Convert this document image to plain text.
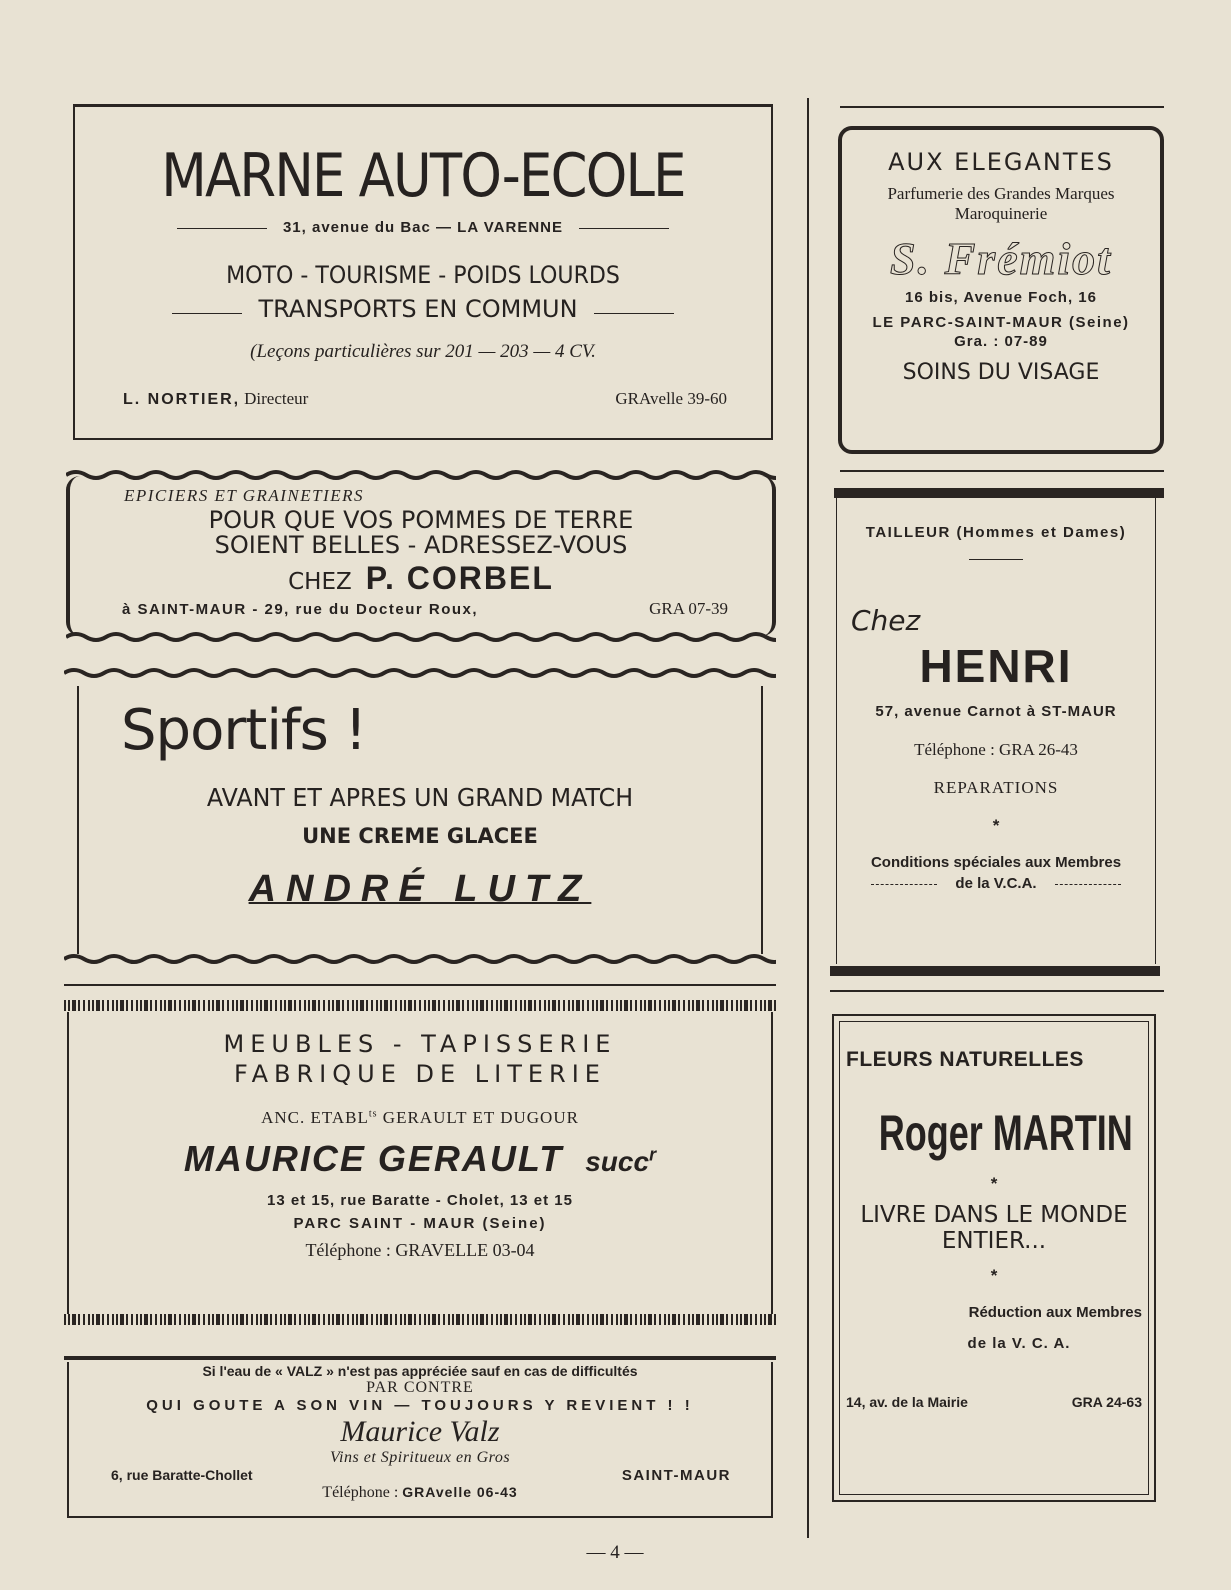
MARNE AUTO-ECOLE
31, avenue du Bac — LA VARENNE
MOTO - TOURISME - POIDS LOURDS
TRANSPORTS EN COMMUN
(Leçons particulières sur 201 — 203 — 4 CV.
L. NORTIER, Directeur	GRAvelle 39-60
EPICIERS ET GRAINETIERS
POUR QUE VOS POMMES DE TERRE
SOIENT BELLES - ADRESSEZ-VOUS
CHEZ P. CORBEL
à SAINT-MAUR - 29, rue du Docteur Roux,	GRA 07-39
Sportifs !
AVANT ET APRES UN GRAND MATCH
UNE CREME GLACEE
ANDRÉ LUTZ
MEUBLES - TAPISSERIE
FABRIQUE DE LITERIE
ANC. $ETABL^{ts}$ GERAULT ET DUGOUR
MAURICE GERAULT succ$^r$
13 et 15, rue Baratte - Cholet, 13 et 15
PARC SAINT - MAUR (Seine)
Téléphone : GRAVELLE 03-04
Si l'eau de « VALZ » n'est pas appréciée sauf en cas de difficultés
PAR CONTRE
QUI GOUTE A SON VIN — TOUJOURS Y REVIENT ! !
Maurice Valz
Vins et Spiritueux en Gros
6, rue Baratte-Chollet	SAINT-MAUR
Téléphone : GRAvelle 06-43
AUX ELEGANTES
Parfumerie des Grandes Marques
Maroquinerie
S. Frémiot
16 bis, Avenue Foch, 16
LE PARC-SAINT-MAUR (Seine)
Gra. : 07-89
SOINS DU VISAGE
TAILLEUR (Hommes et Dames)
Chez
HENRI
57, avenue Carnot à ST-MAUR
Téléphone : GRA 26-43
REPARATIONS
*
Conditions spéciales aux Membres
de la V.C.A.
FLEURS NATURELLES
Roger MARTIN
*
LIVRE DANS LE MONDE
ENTIER...
*
Réduction aux Membres
de la V. C. A.
14, av. de la Mairie	GRA 24-63
— 4 —
